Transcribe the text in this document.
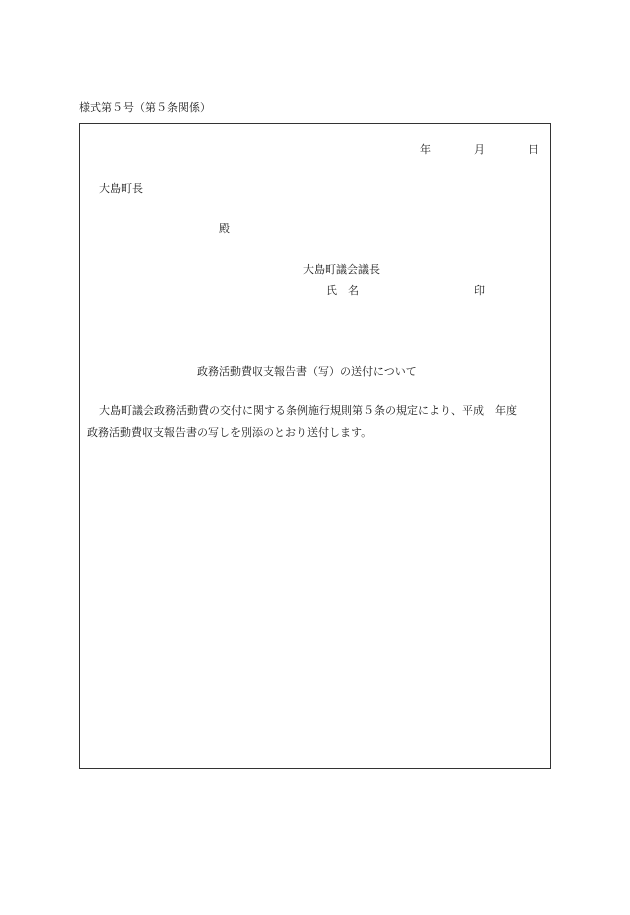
様式第５号（第５条関係）
年	月	日
大島町長
殿
大島町議会議長
氏　名	印
政務活動費収支報告書（写）の送付について
大島町議会政務活動費の交付に関する条例施行規則第５条の規定により、平成　年度
政務活動費収支報告書の写しを別添のとおり送付します。
